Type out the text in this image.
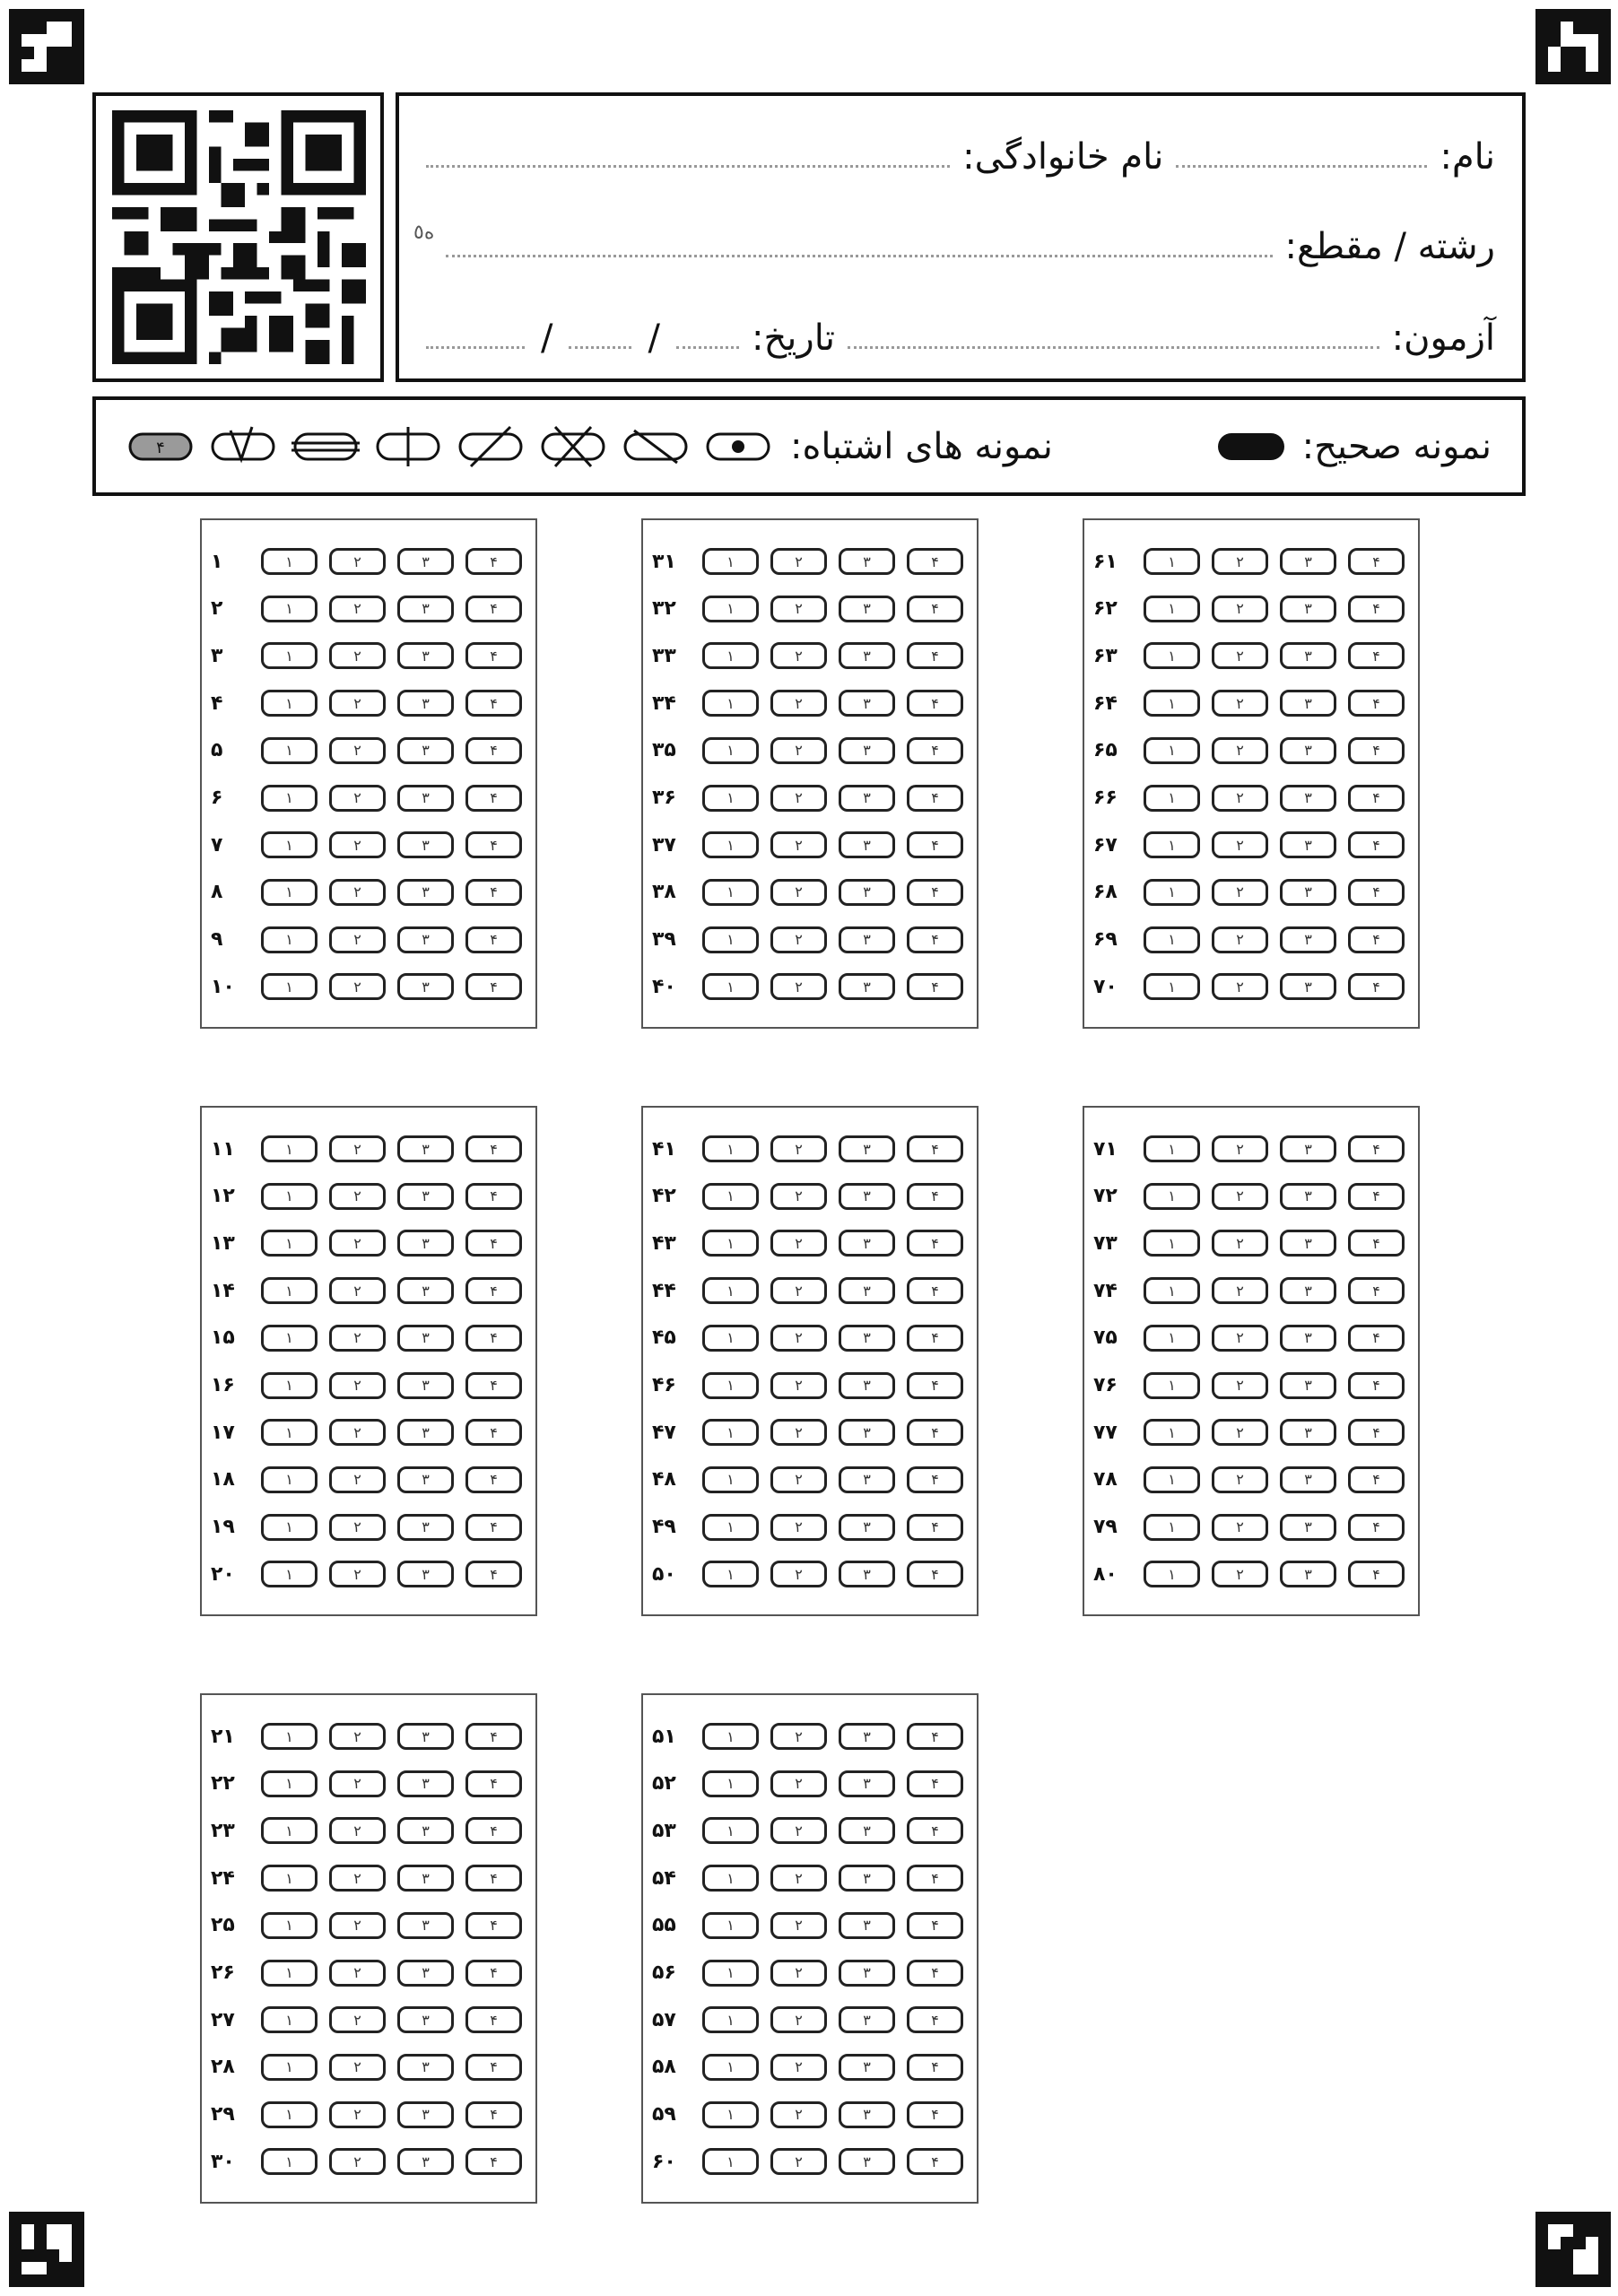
نام:
نام خانوادگی:
رشته / مقطع:
آزمون:
تاریخ:
/
/
ه٥
نمونه صحیح:
نمونه های اشتباه:
۴
۱	۱	۲	۳	۴
۲	۱	۲	۳	۴
۳	۱	۲	۳	۴
۴	۱	۲	۳	۴
۵	۱	۲	۳	۴
۶	۱	۲	۳	۴
۷	۱	۲	۳	۴
۸	۱	۲	۳	۴
۹	۱	۲	۳	۴
۱۰	۱	۲	۳	۴
۳۱	۱	۲	۳	۴
۳۲	۱	۲	۳	۴
۳۳	۱	۲	۳	۴
۳۴	۱	۲	۳	۴
۳۵	۱	۲	۳	۴
۳۶	۱	۲	۳	۴
۳۷	۱	۲	۳	۴
۳۸	۱	۲	۳	۴
۳۹	۱	۲	۳	۴
۴۰	۱	۲	۳	۴
۶۱	۱	۲	۳	۴
۶۲	۱	۲	۳	۴
۶۳	۱	۲	۳	۴
۶۴	۱	۲	۳	۴
۶۵	۱	۲	۳	۴
۶۶	۱	۲	۳	۴
۶۷	۱	۲	۳	۴
۶۸	۱	۲	۳	۴
۶۹	۱	۲	۳	۴
۷۰	۱	۲	۳	۴
۱۱	۱	۲	۳	۴
۱۲	۱	۲	۳	۴
۱۳	۱	۲	۳	۴
۱۴	۱	۲	۳	۴
۱۵	۱	۲	۳	۴
۱۶	۱	۲	۳	۴
۱۷	۱	۲	۳	۴
۱۸	۱	۲	۳	۴
۱۹	۱	۲	۳	۴
۲۰	۱	۲	۳	۴
۴۱	۱	۲	۳	۴
۴۲	۱	۲	۳	۴
۴۳	۱	۲	۳	۴
۴۴	۱	۲	۳	۴
۴۵	۱	۲	۳	۴
۴۶	۱	۲	۳	۴
۴۷	۱	۲	۳	۴
۴۸	۱	۲	۳	۴
۴۹	۱	۲	۳	۴
۵۰	۱	۲	۳	۴
۷۱	۱	۲	۳	۴
۷۲	۱	۲	۳	۴
۷۳	۱	۲	۳	۴
۷۴	۱	۲	۳	۴
۷۵	۱	۲	۳	۴
۷۶	۱	۲	۳	۴
۷۷	۱	۲	۳	۴
۷۸	۱	۲	۳	۴
۷۹	۱	۲	۳	۴
۸۰	۱	۲	۳	۴
۲۱	۱	۲	۳	۴
۲۲	۱	۲	۳	۴
۲۳	۱	۲	۳	۴
۲۴	۱	۲	۳	۴
۲۵	۱	۲	۳	۴
۲۶	۱	۲	۳	۴
۲۷	۱	۲	۳	۴
۲۸	۱	۲	۳	۴
۲۹	۱	۲	۳	۴
۳۰	۱	۲	۳	۴
۵۱	۱	۲	۳	۴
۵۲	۱	۲	۳	۴
۵۳	۱	۲	۳	۴
۵۴	۱	۲	۳	۴
۵۵	۱	۲	۳	۴
۵۶	۱	۲	۳	۴
۵۷	۱	۲	۳	۴
۵۸	۱	۲	۳	۴
۵۹	۱	۲	۳	۴
۶۰	۱	۲	۳	۴
